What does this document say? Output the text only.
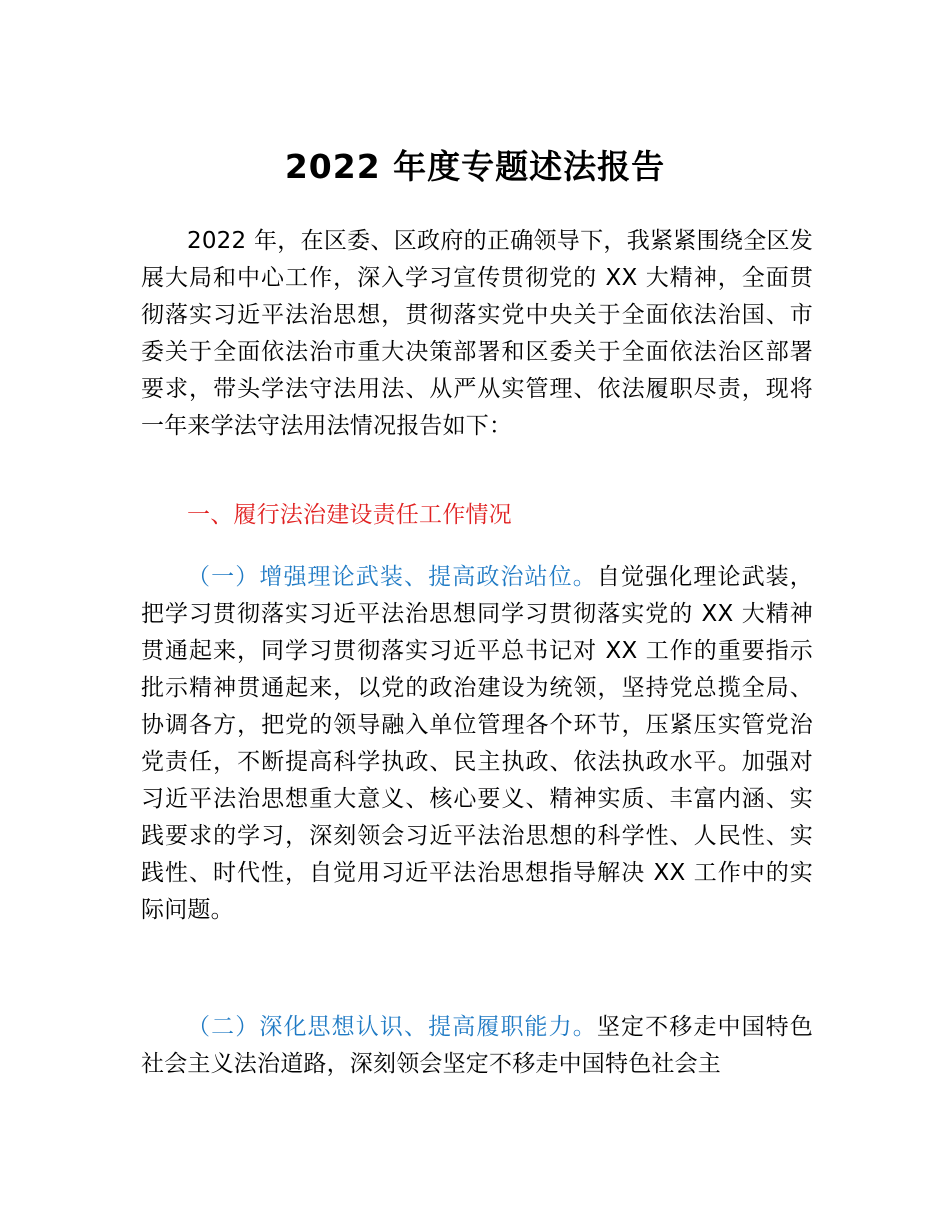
2022 年度专题述法报告

2022 年，在区委、区政府的正确领导下，我紧紧围绕全区发展大局和中心工作，深入学习宣传贯彻党的 XX 大精神，全面贯彻落实习近平法治思想，贯彻落实党中央关于全面依法治国、市委关于全面依法治市重大决策部署和区委关于全面依法治区部署要求，带头学法守法用法、从严从实管理、依法履职尽责，现将一年来学法守法用法情况报告如下：

一、履行法治建设责任工作情况

（一）增强理论武装、提高政治站位。自觉强化理论武装，把学习贯彻落实习近平法治思想同学习贯彻落实党的 XX 大精神贯通起来，同学习贯彻落实习近平总书记对 XX 工作的重要指示批示精神贯通起来，以党的政治建设为统领，坚持党总揽全局、协调各方，把党的领导融入单位管理各个环节，压紧压实管党治党责任，不断提高科学执政、民主执政、依法执政水平。加强对习近平法治思想重大意义、核心要义、精神实质、丰富内涵、实践要求的学习，深刻领会习近平法治思想的科学性、人民性、实践性、时代性，自觉用习近平法治思想指导解决 XX 工作中的实际问题。

（二）深化思想认识、提高履职能力。坚定不移走中国特色社会主义法治道路，深刻领会坚定不移走中国特色社会主
